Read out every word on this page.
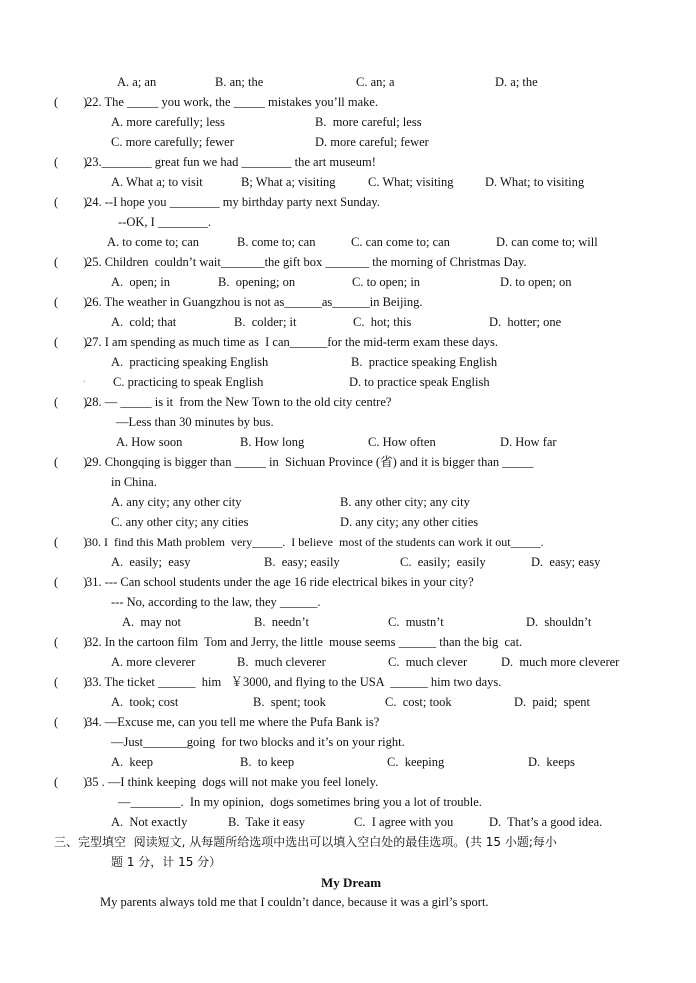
A. a; an	B. an; the	C. an; a	D. a; the
(        )
22. The _____ you work, the _____ mistakes you’ll make.
A. more carefully; less	B.  more careful; less
C. more carefully; fewer	D. more careful; fewer
(        )
23.________ great fun we had ________ the art museum!
A. What a; to visit	B; What a; visiting	C. What; visiting	D. What; to visiting
(        )
24. --I hope you ________ my birthday party next Sunday.
--OK, I ________.
A. to come to; can	B. come to; can	C. can come to; can	D. can come to; will
(        )
25. Children  couldn’t wait_______the gift box _______ the morning of Christmas Day.
A.  open; in	B.  opening; on	C. to open; in	D. to open; on
(        )
26. The weather in Guangzhou is not as______as______in Beijing.
A.  cold; that	B.  colder; it	C.  hot; this	D.  hotter; one
(        )
27. I am spending as much time as  I can______for the mid-term exam these days.
A.  practicing speaking English	B.  practice speaking English
. C. practicing to speak English	D. to practice speak English
(        )
28. — _____ is it  from the New Town to the old city centre?
—Less than 30 minutes by bus.
A. How soon	B. How long	C. How often	D. How far
(        )
29. Chongqing is bigger than _____ in  Sichuan Province (省) and it is bigger than _____
in China.
A. any city; any other city	B. any other city; any city
C. any other city; any cities	D. any city; any other cities
(        )
30. I  find this Math problem  very_____.  I believe  most of the students can work it out_____.
A.  easily;  easy	B.  easy; easily	C.  easily;  easily	D.  easy; easy
(        )
31. --- Can school students under the age 16 ride electrical bikes in your city?
--- No, according to the law, they ______.
A.  may not	B.  needn’t	C.  mustn’t	D.  shouldn’t
(        )
32. In the cartoon film  Tom and Jerry, the little  mouse seems ______ than the big  cat.
A. more cleverer	B.  much cleverer	C.  much clever	D.  much more cleverer
(        )
33. The ticket ______  him   ￥3000, and flying to the USA  ______ him two days.
A.  took; cost	B.  spent; took	C.  cost; took	D.  paid;  spent
(        )
34. —Excuse me, can you tell me where the Pufa Bank is?
—Just_______going  for two blocks and it’s on your right.
A.  keep	B.  to keep	C.  keeping	D.  keeps
(        )
35 . —I think keeping  dogs will not make you feel lonely.
—________.  In my opinion,  dogs sometimes bring you a lot of trouble.
A.  Not exactly	B.  Take it easy	C.  I agree with you	D.  That’s a good idea.
三、完型填空  阅读短文, 从每题所给选项中选出可以填入空白处的最佳选项。(共 15 小题;每小
题 1 分，计 15 分）
My Dream
My parents always told me that I couldn’t dance, because it was a girl’s sport.
